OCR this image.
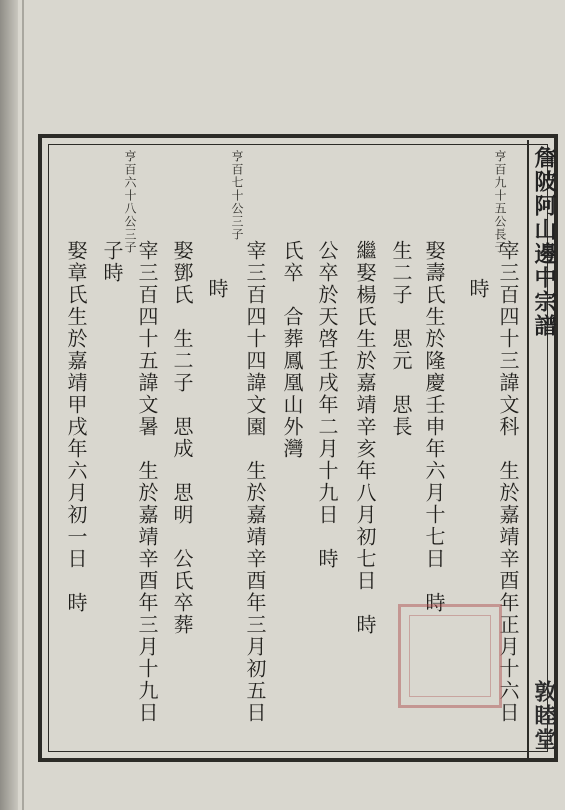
詹陂阿山邊中宗譜
敦睦堂
亨百九十五公長子
亨百七十公三子
亨百六十八公三子
宰三百四十三諱文科　生於嘉靖辛酉年正月十六日
時
娶壽氏生於隆慶壬申年六月十七日　時
生二子　思元　思長
繼娶楊氏生於嘉靖辛亥年八月初七日　時
公卒於天啓壬戌年二月十九日　時
氏卒　合葬鳳凰山外灣
宰三百四十四諱文園　生於嘉靖辛酉年三月初五日
時
娶鄧氏　生二子　思成　思明　公氏卒葬
宰三百四十五諱文暑　生於嘉靖辛酉年三月十九日
子時
娶章氏生於嘉靖甲戌年六月初一日　時
